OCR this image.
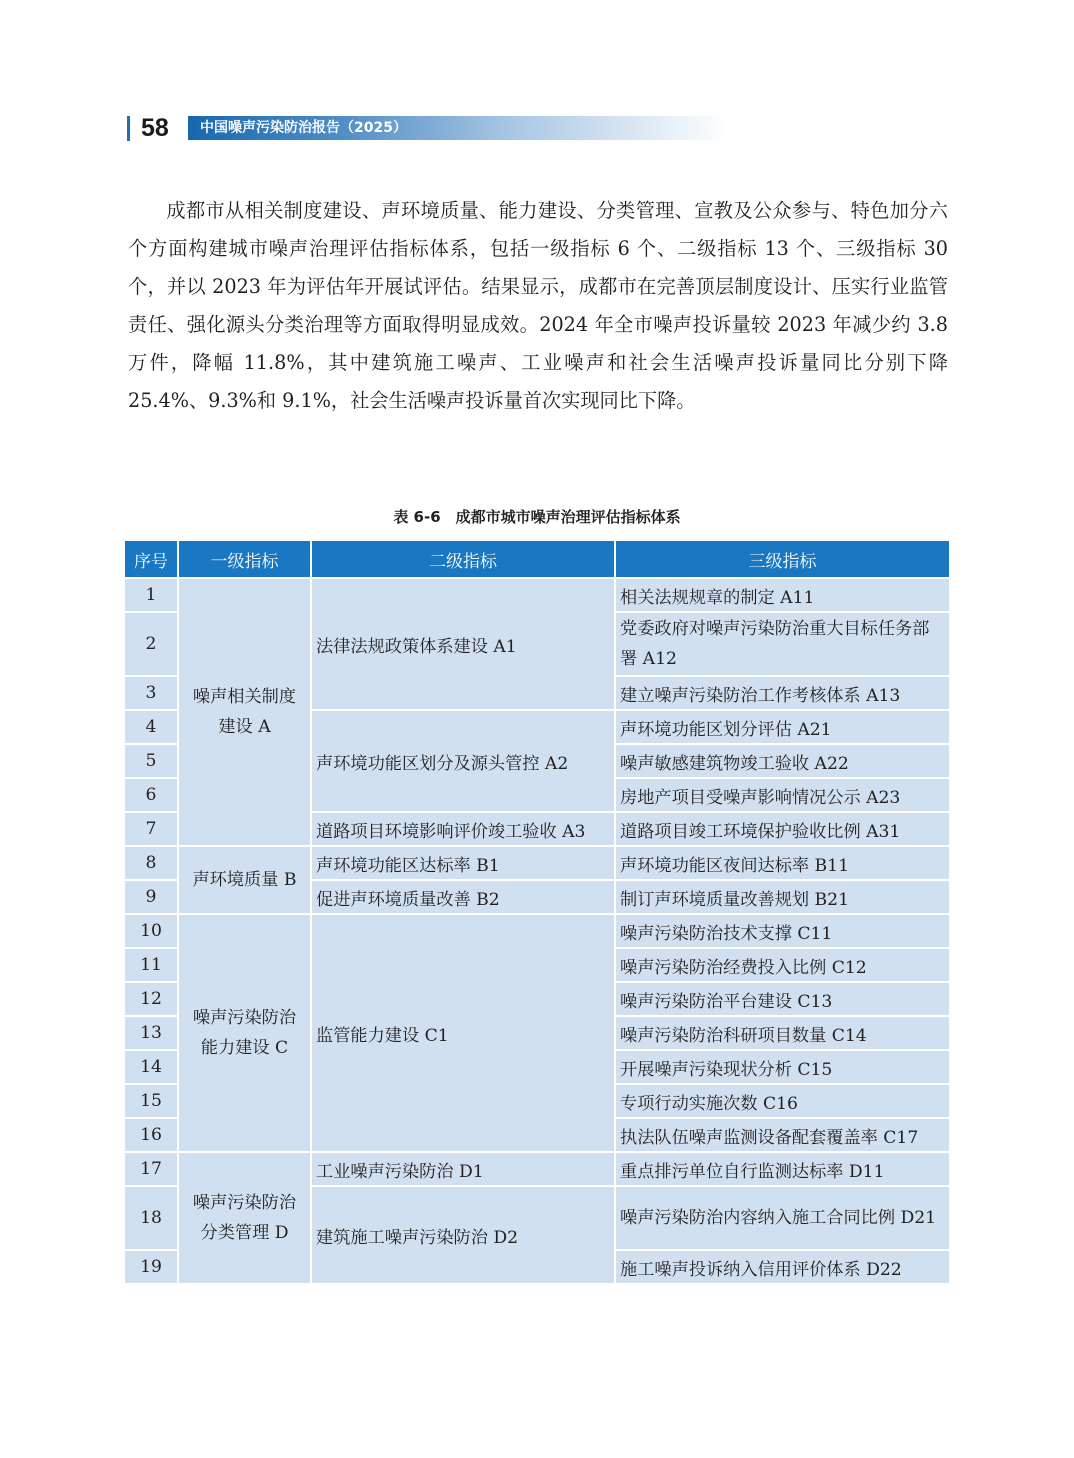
58 中国噪声污染防治报告（2025）

成都市从相关制度建设、声环境质量、能力建设、分类管理、宣教及公众参与、特色加分六个方面构建城市噪声治理评估指标体系，包括一级指标 6 个、二级指标 13 个、三级指标 30 个，并以 2023 年为评估年开展试评估。结果显示，成都市在完善顶层制度设计、压实行业监管责任、强化源头分类治理等方面取得明显成效。2024 年全市噪声投诉量较 2023 年减少约 3.8 万件，降幅 11.8%，其中建筑施工噪声、工业噪声和社会生活噪声投诉量同比分别下降 25.4%、9.3%和 9.1%，社会生活噪声投诉量首次实现同比下降。

表 6-6　成都市城市噪声治理评估指标体系
序号	一级指标	二级指标	三级指标
1	噪声相关制度建设 A	法律法规政策体系建设 A1	相关法规规章的制定 A11
2			党委政府对噪声污染防治重大目标任务部署 A12
3			建立噪声污染防治工作考核体系 A13
4		声环境功能区划分及源头管控 A2	声环境功能区划分评估 A21
5			噪声敏感建筑物竣工验收 A22
6			房地产项目受噪声影响情况公示 A23
7		道路项目环境影响评价竣工验收 A3	道路项目竣工环境保护验收比例 A31
8	声环境质量 B	声环境功能区达标率 B1	声环境功能区夜间达标率 B11
9		促进声环境质量改善 B2	制订声环境质量改善规划 B21
10	噪声污染防治能力建设 C	监管能力建设 C1	噪声污染防治技术支撑 C11
11			噪声污染防治经费投入比例 C12
12			噪声污染防治平台建设 C13
13			噪声污染防治科研项目数量 C14
14			开展噪声污染现状分析 C15
15			专项行动实施次数 C16
16			执法队伍噪声监测设备配套覆盖率 C17
17	噪声污染防治分类管理 D	工业噪声污染防治 D1	重点排污单位自行监测达标率 D11
18		建筑施工噪声污染防治 D2	噪声污染防治内容纳入施工合同比例 D21
19			施工噪声投诉纳入信用评价体系 D22
